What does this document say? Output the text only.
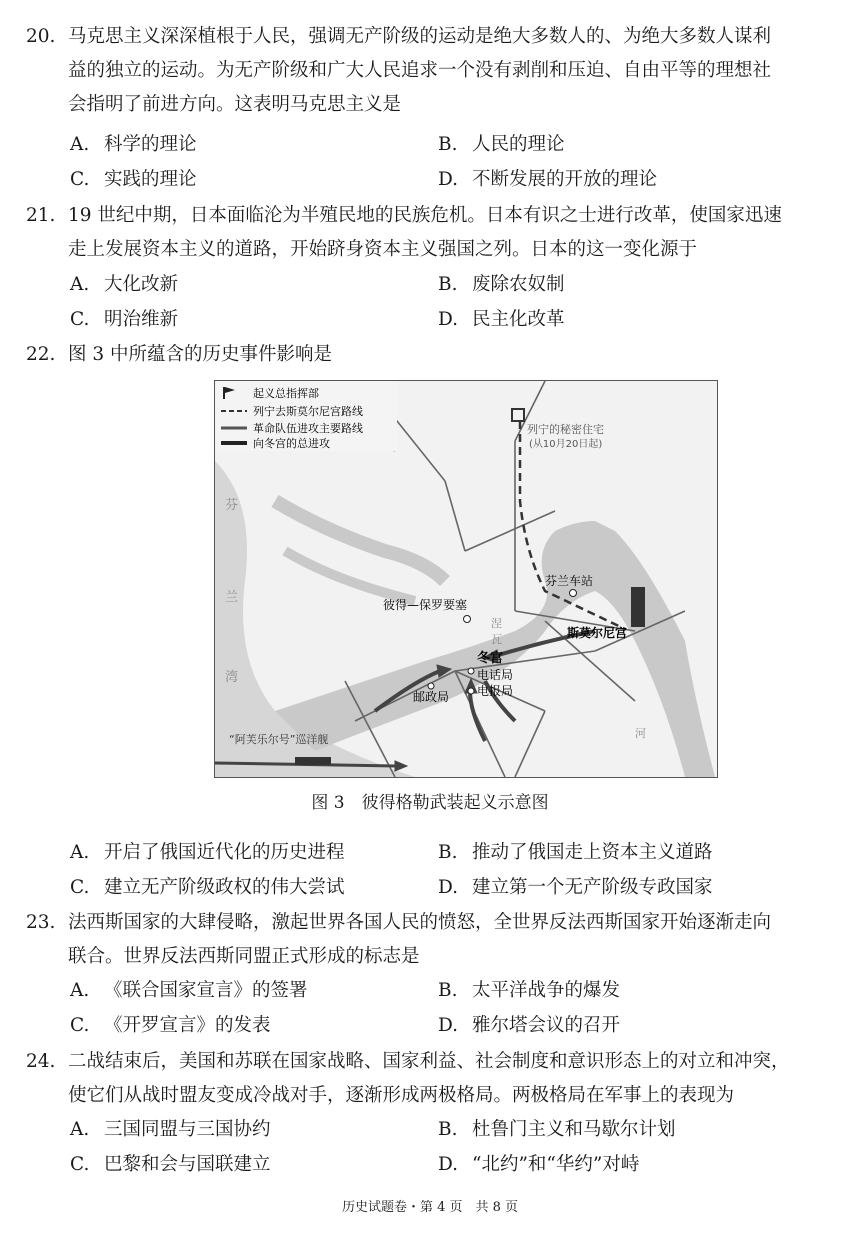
20. 马克思主义深深植根于人民，强调无产阶级的运动是绝大多数人的、为绝大多数人谋利
益的独立的运动。为无产阶级和广大人民追求一个没有剥削和压迫、自由平等的理想社
会指明了前进方向。这表明马克思主义是
A. 科学的理论	B. 人民的理论
C. 实践的理论	D. 不断发展的开放的理论
21. 19 世纪中期，日本面临沦为半殖民地的民族危机。日本有识之士进行改革，使国家迅速
走上发展资本主义的道路，开始跻身资本主义强国之列。日本的这一变化源于
A. 大化改新	B. 废除农奴制
C. 明治维新	D. 民主化改革
22. 图 3 中所蕴含的历史事件影响是
起义总指挥部
列宁去斯莫尔尼宫路线
革命队伍进攻主要路线
向冬宫的总进攻
列宁的秘密住宅
(从10月20日起)
芬兰车站
彼得—保罗要塞
斯莫尔尼宫
冬宫
电话局
邮政局 电报局
“阿芙乐尔号”巡洋舰
芬
兰
湾
涅
瓦
河
图 3　彼得格勒武装起义示意图
A. 开启了俄国近代化的历史进程	B. 推动了俄国走上资本主义道路
C. 建立无产阶级政权的伟大尝试	D. 建立第一个无产阶级专政国家
23. 法西斯国家的大肆侵略，激起世界各国人民的愤怒，全世界反法西斯国家开始逐渐走向
联合。世界反法西斯同盟正式形成的标志是
A. 《联合国家宣言》的签署	B. 太平洋战争的爆发
C. 《开罗宣言》的发表	D. 雅尔塔会议的召开
24. 二战结束后，美国和苏联在国家战略、国家利益、社会制度和意识形态上的对立和冲突，
使它们从战时盟友变成冷战对手，逐渐形成两极格局。两极格局在军事上的表现为
A. 三国同盟与三国协约	B. 杜鲁门主义和马歇尔计划
C. 巴黎和会与国联建立	D. “北约”和“华约”对峙
历史试题卷・第 4 页　共 8 页
